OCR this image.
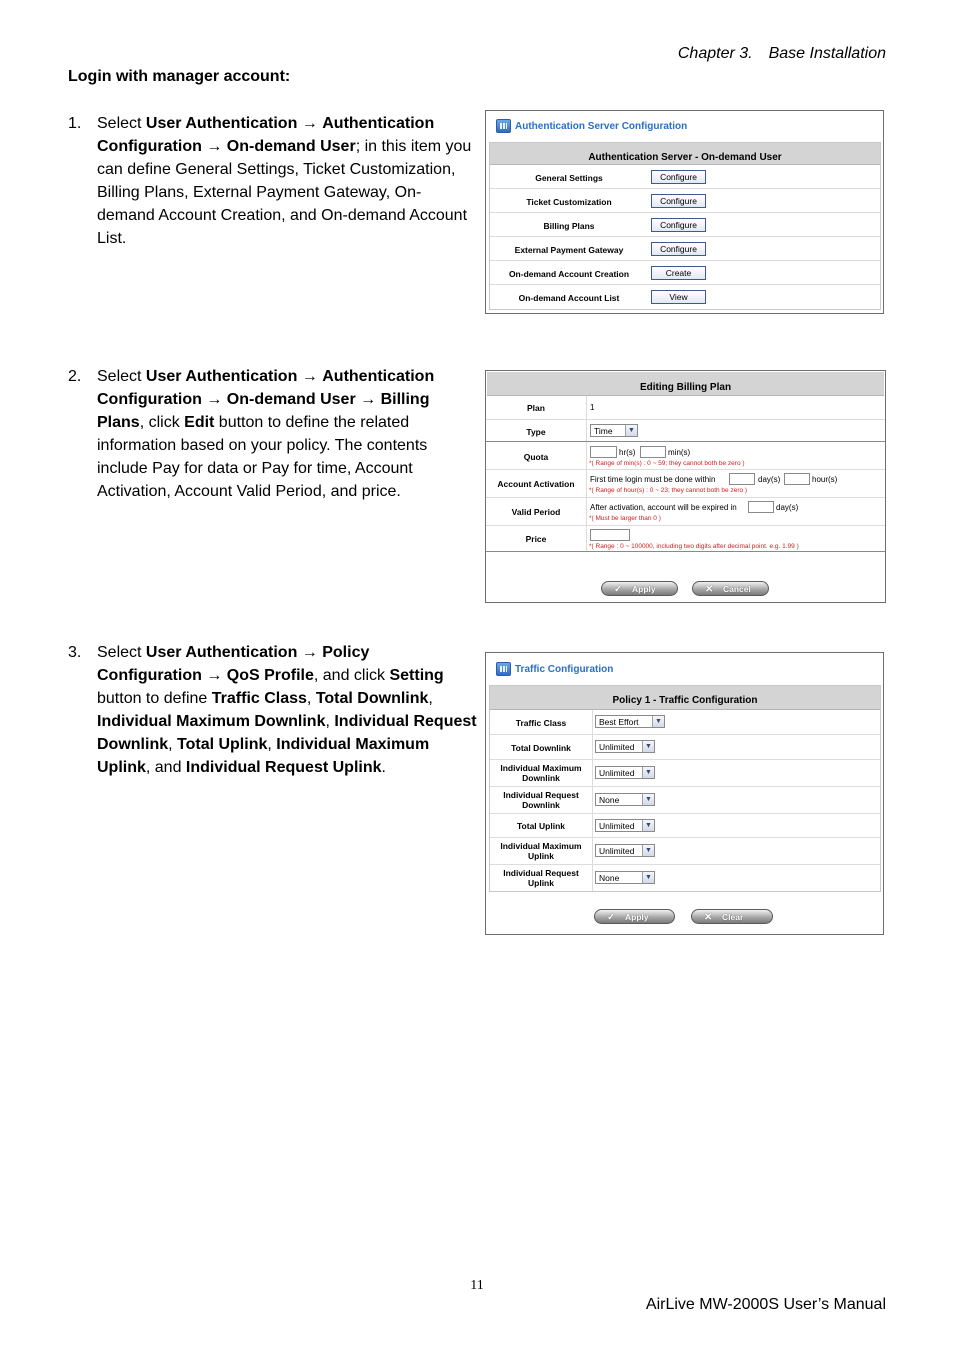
Chapter 3. Base Installation
Login with manager account:
1. Select User Authentication → Authentication Configuration → On-demand User; in this item you can define General Settings, Ticket Customization, Billing Plans, External Payment Gateway, On-demand Account Creation, and On-demand Account List.
2. Select User Authentication → Authentication Configuration → On-demand User → Billing Plans, click Edit button to define the related information based on your policy. The contents include Pay for data or Pay for time, Account Activation, Account Valid Period, and price.
3. Select User Authentication → Policy Configuration → QoS Profile, and click Setting button to define Traffic Class, Total Downlink, Individual Maximum Downlink, Individual Request Downlink, Total Uplink, Individual Maximum Uplink, and Individual Request Uplink.
Authentication Server Configuration
Authentication Server - On-demand User
General Settings	Configure
Ticket Customization	Configure
Billing Plans	Configure
External Payment Gateway	Configure
On-demand Account Creation	Create
On-demand Account List	View
Editing Billing Plan
Plan	1
Type	Time	▼
Quota	hr(s)	min(s)
*( Range of min(s) : 0 ~ 59; they cannot both be zero )
Account Activation	First time login must be done within	day(s)	hour(s)
*( Range of hour(s) : 0 ~ 23; they cannot both be zero )
Valid Period	After activation, account will be expired in	day(s)
*( Must be larger than 0 )
Price
*( Range : 0 ~ 100000, including two digits after decimal point. e.g. 1.99 )
✓ Apply	✕ Cancel
Traffic Configuration
Policy 1 - Traffic Configuration
Traffic Class	Best Effort	▼
Total Downlink	Unlimited	▼
Individual Maximum Downlink	Unlimited	▼
Individual Request Downlink	None	▼
Total Uplink	Unlimited	▼
Individual Maximum Uplink	Unlimited	▼
Individual Request Uplink	None	▼
✓ Apply	✕ Clear
11
AirLive MW-2000S User’s Manual
